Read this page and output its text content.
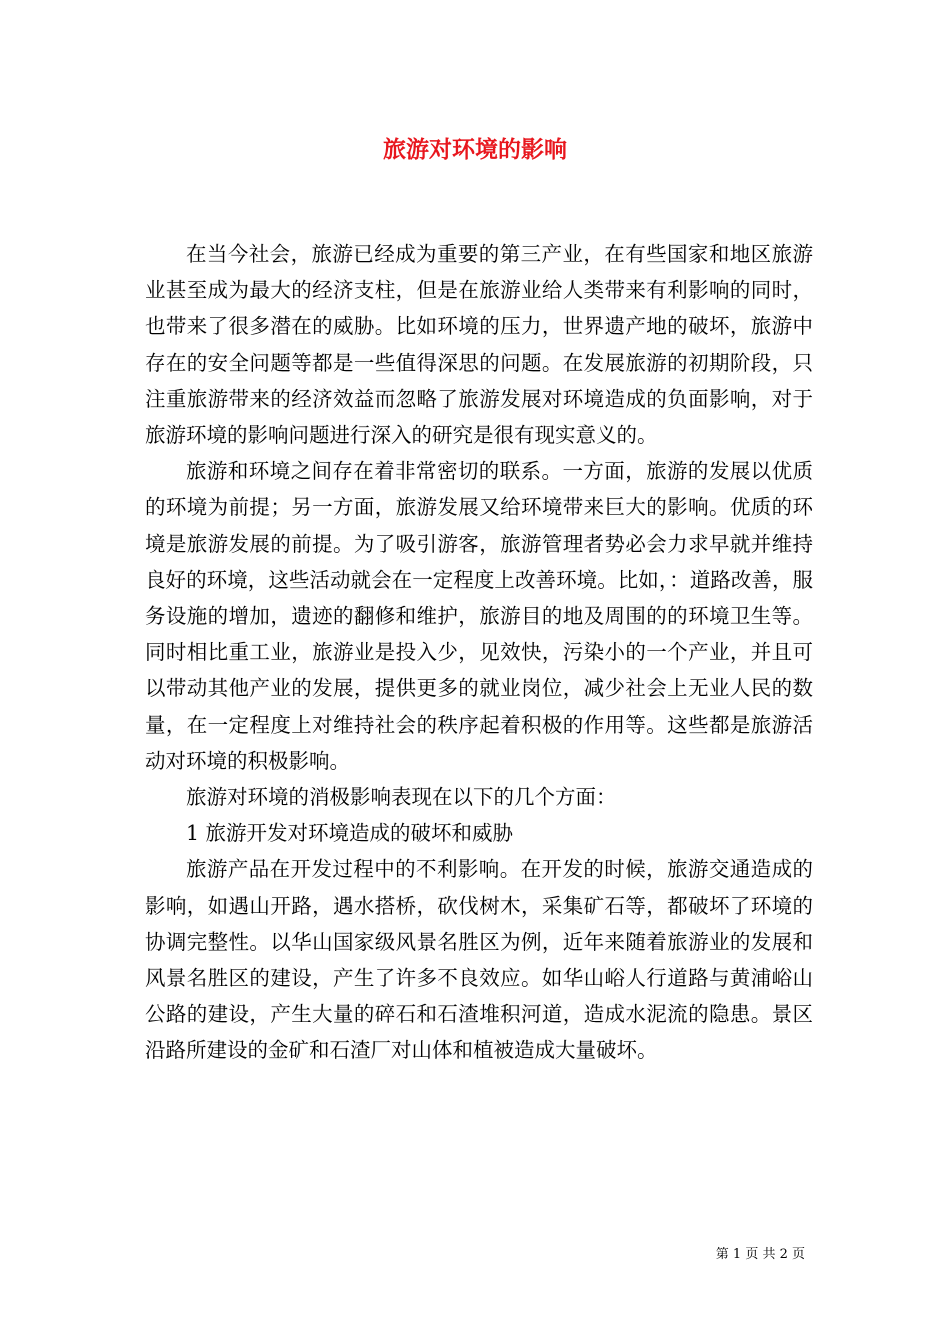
旅游对环境的影响

在当今社会，旅游已经成为重要的第三产业，在有些国家和地区旅游业甚至成为最大的经济支柱，但是在旅游业给人类带来有利影响的同时，也带来了很多潜在的威胁。比如环境的压力，世界遗产地的破坏，旅游中存在的安全问题等都是一些值得深思的问题。在发展旅游的初期阶段，只注重旅游带来的经济效益而忽略了旅游发展对环境造成的负面影响，对于旅游环境的影响问题进行深入的研究是很有现实意义的。

旅游和环境之间存在着非常密切的联系。一方面，旅游的发展以优质的环境为前提；另一方面，旅游发展又给环境带来巨大的影响。优质的环境是旅游发展的前提。为了吸引游客，旅游管理者势必会力求早就并维持良好的环境，这些活动就会在一定程度上改善环境。比如，：道路改善，服务设施的增加，遗迹的翻修和维护，旅游目的地及周围的的环境卫生等。同时相比重工业，旅游业是投入少，见效快，污染小的一个产业，并且可以带动其他产业的发展，提供更多的就业岗位，减少社会上无业人民的数量，在一定程度上对维持社会的秩序起着积极的作用等。这些都是旅游活动对环境的积极影响。

旅游对环境的消极影响表现在以下的几个方面：

1 旅游开发对环境造成的破坏和威胁

旅游产品在开发过程中的不利影响。在开发的时候，旅游交通造成的影响，如遇山开路，遇水搭桥，砍伐树木，采集矿石等，都破坏了环境的协调完整性。以华山国家级风景名胜区为例，近年来随着旅游业的发展和风景名胜区的建设，产生了许多不良效应。如华山峪人行道路与黄浦峪山公路的建设，产生大量的碎石和石渣堆积河道，造成水泥流的隐患。景区沿路所建设的金矿和石渣厂对山体和植被造成大量破坏。

第 1 页 共 2 页
